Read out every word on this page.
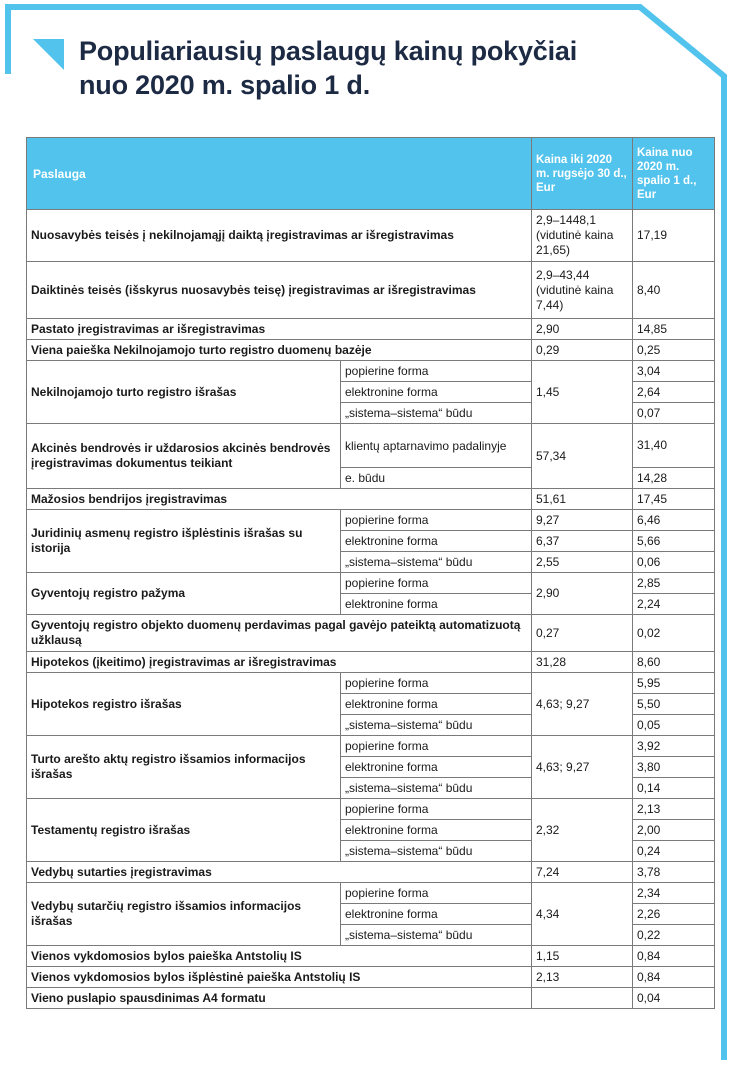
Populiariausių paslaugų kainų pokyčiai
nuo 2020 m. spalio 1 d.
Paslauga		Kaina iki 2020 m. rugsėjo 30 d., Eur	Kaina nuo 2020 m. spalio 1 d., Eur
Nuosavybės teisės į nekilnojamąjį daiktą įregistravimas ar išregistravimas		2,9–1448,1 (vidutinė kaina 21,65)	17,19
Daiktinės teisės (išskyrus nuosavybės teisę) įregistravimas ar išregistravimas		2,9–43,44 (vidutinė kaina 7,44)	8,40
Pastato įregistravimas ar išregistravimas		2,90	14,85
Viena paieška Nekilnojamojo turto registro duomenų bazėje		0,29	0,25
Nekilnojamojo turto registro išrašas	popierine forma	1,45	3,04
	elektronine forma		2,64
	„sistema–sistema“ būdu		0,07
Akcinės bendrovės ir uždarosios akcinės bendrovės įregistravimas dokumentus teikiant	klientų aptarnavimo padalinyje	57,34	31,40
	e. būdu		14,28
Mažosios bendrijos įregistravimas		51,61	17,45
Juridinių asmenų registro išplėstinis išrašas su istorija	popierine forma	9,27	6,46
	elektronine forma	6,37	5,66
	„sistema–sistema“ būdu	2,55	0,06
Gyventojų registro pažyma	popierine forma	2,90	2,85
	elektronine forma		2,24
Gyventojų registro objekto duomenų perdavimas pagal gavėjo pateiktą automatizuotą užklausą		0,27	0,02
Hipotekos (įkeitimo) įregistravimas ar išregistravimas		31,28	8,60
Hipotekos registro išrašas	popierine forma	4,63; 9,27	5,95
	elektronine forma		5,50
	„sistema–sistema“ būdu		0,05
Turto arešto aktų registro išsamios informacijos išrašas	popierine forma	4,63; 9,27	3,92
	elektronine forma		3,80
	„sistema–sistema“ būdu		0,14
Testamentų registro išrašas	popierine forma	2,32	2,13
	elektronine forma		2,00
	„sistema–sistema“ būdu		0,24
Vedybų sutarties įregistravimas		7,24	3,78
Vedybų sutarčių registro išsamios informacijos išrašas	popierine forma	4,34	2,34
	elektronine forma		2,26
	„sistema–sistema“ būdu		0,22
Vienos vykdomosios bylos paieška Antstolių IS		1,15	0,84
Vienos vykdomosios bylos išplėstinė paieška Antstolių IS		2,13	0,84
Vieno puslapio spausdinimas A4 formatu			0,04
